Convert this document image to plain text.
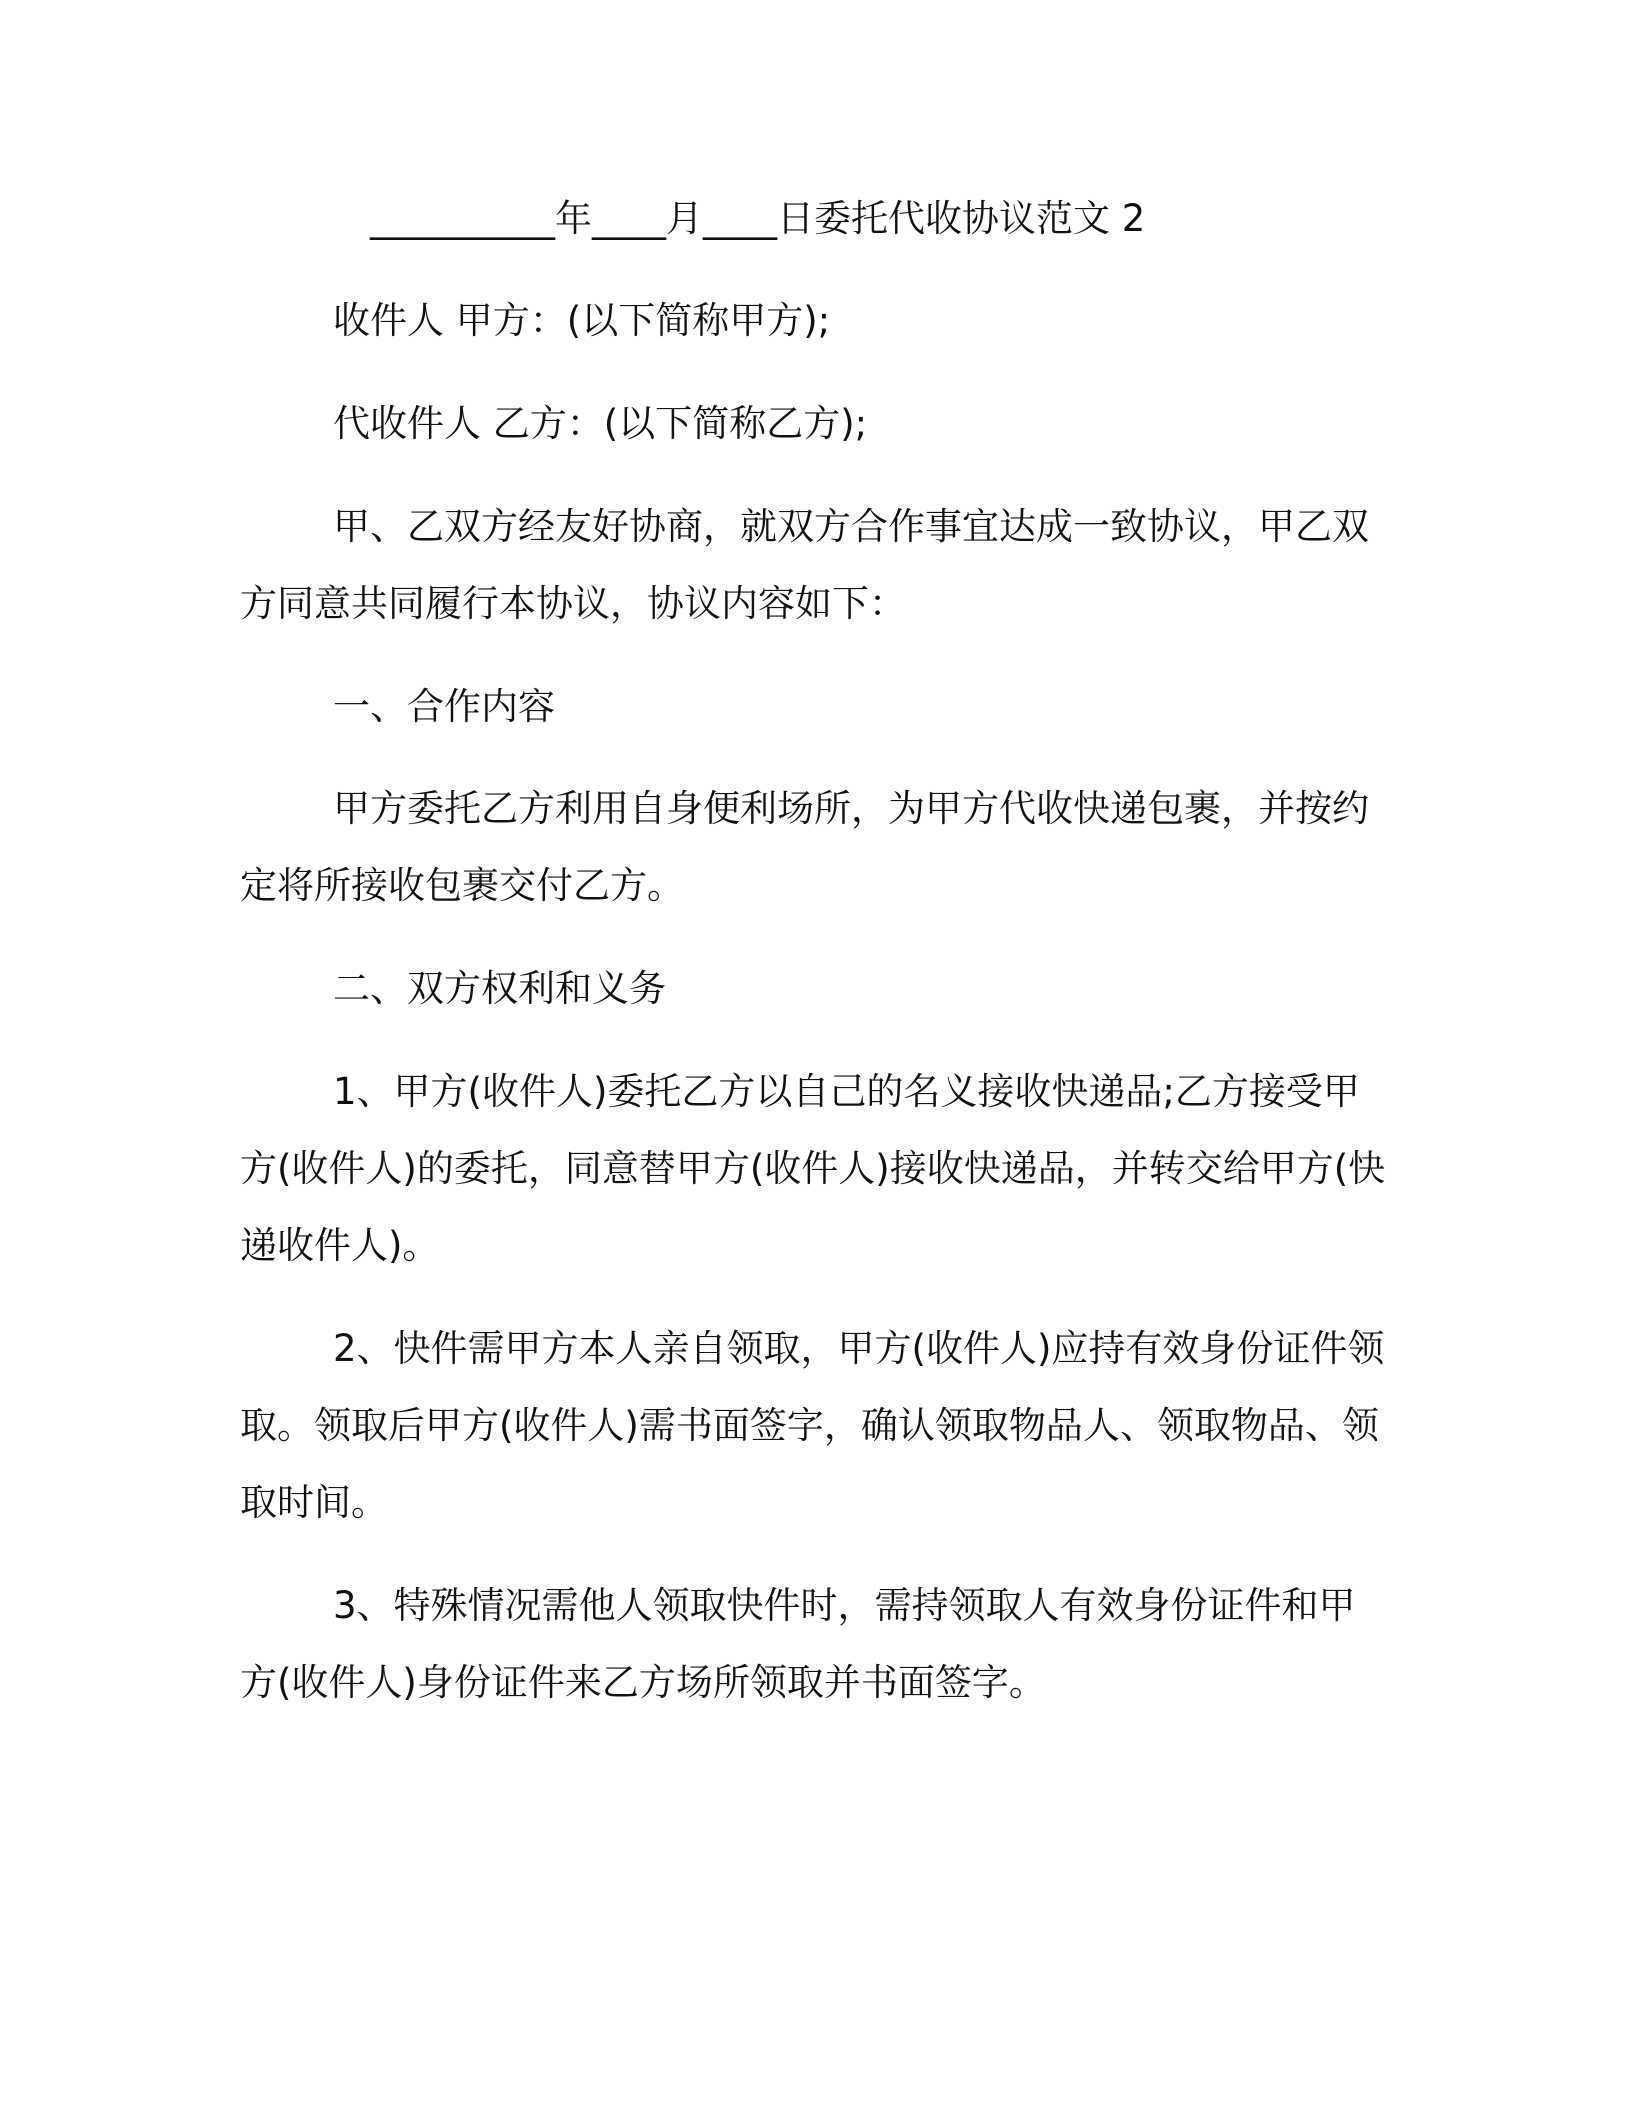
__________年____月____日委托代收协议范文 2
收件人 甲方：(以下简称甲方);
代收件人 乙方：(以下简称乙方);
甲、乙双方经友好协商，就双方合作事宜达成一致协议，甲乙双
方同意共同履行本协议，协议内容如下：
一、合作内容
甲方委托乙方利用自身便利场所，为甲方代收快递包裹，并按约
定将所接收包裹交付乙方。
二、双方权利和义务
1、甲方(收件人)委托乙方以自己的名义接收快递品;乙方接受甲
方(收件人)的委托，同意替甲方(收件人)接收快递品，并转交给甲方(快
递收件人)。
2、快件需甲方本人亲自领取，甲方(收件人)应持有效身份证件领
取。领取后甲方(收件人)需书面签字，确认领取物品人、领取物品、领
取时间。
3、特殊情况需他人领取快件时，需持领取人有效身份证件和甲
方(收件人)身份证件来乙方场所领取并书面签字。
